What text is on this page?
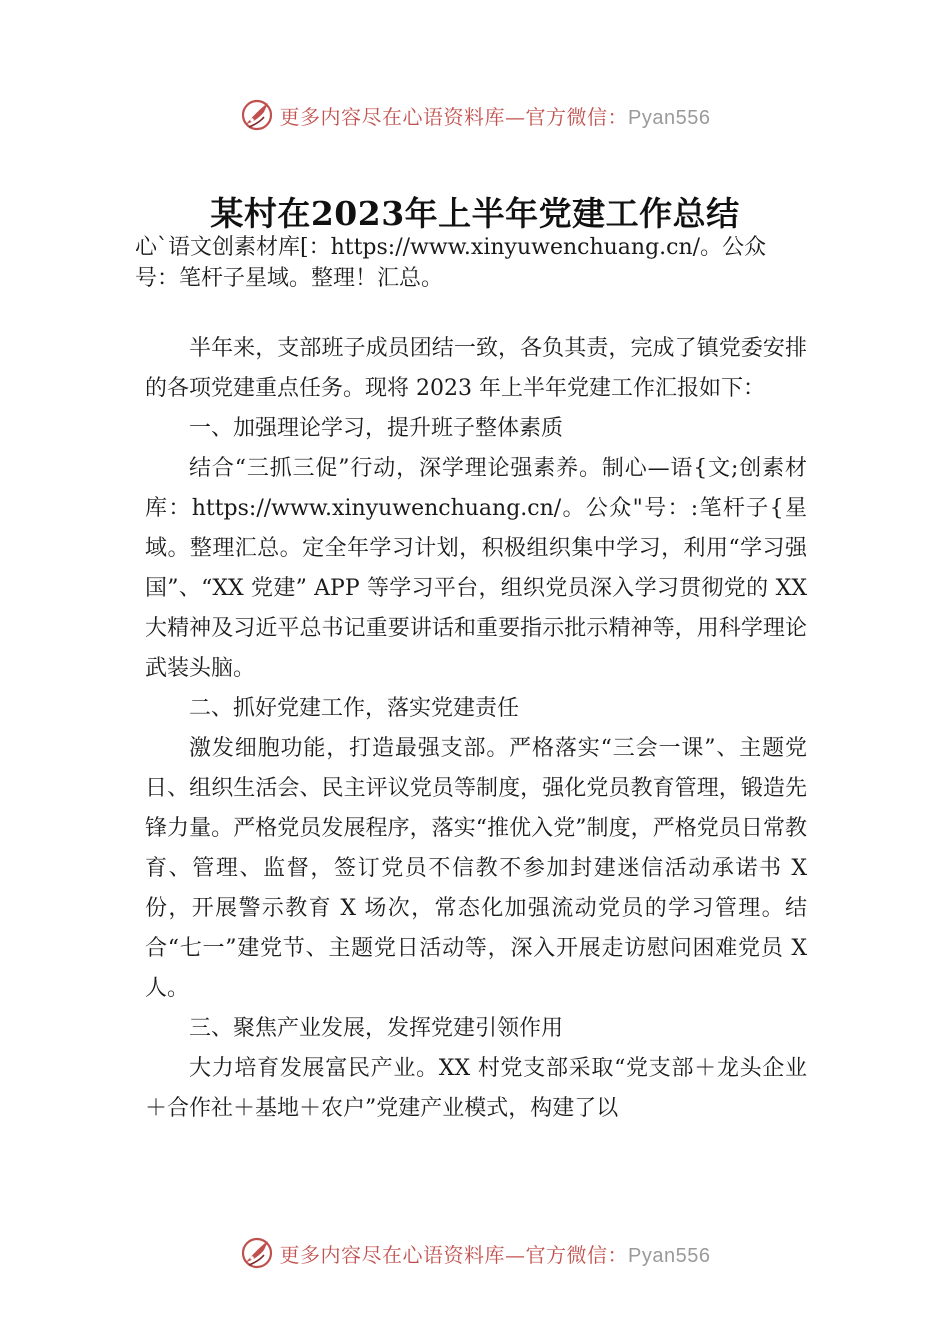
更多内容尽在心语资料库—官方微信：Pyan556
某村在2023年上半年党建工作总结
心`语文创素材库[：https://www.xinyuwenchuang.cn/。公众号：笔杆子星域。整理！汇总。

半年来，支部班子成员团结一致，各负其责，完成了镇党委安排的各项党建重点任务。现将 2023 年上半年党建工作汇报如下：

一、加强理论学习，提升班子整体素质

结合“三抓三促”行动，深学理论强素养。制心—语{文;创素材库：https://www.xinyuwenchuang.cn/。公众"号：:笔杆子{星域。整理汇总。定全年学习计划，积极组织集中学习，利用“学习强国”、“XX 党建” APP 等学习平台，组织党员深入学习贯彻党的 XX 大精神及习近平总书记重要讲话和重要指示批示精神等，用科学理论武装头脑。

二、抓好党建工作，落实党建责任

激发细胞功能，打造最强支部。严格落实“三会一课”、主题党日、组织生活会、民主评议党员等制度，强化党员教育管理，锻造先锋力量。严格党员发展程序，落实“推优入党”制度，严格党员日常教育、管理、监督，签订党员不信教不参加封建迷信活动承诺书 X 份，开展警示教育 X 场次，常态化加强流动党员的学习管理。结合“七一”建党节、主题党日活动等，深入开展走访慰问困难党员 X 人。

三、聚焦产业发展，发挥党建引领作用

大力培育发展富民产业。XX 村党支部采取“党支部＋龙头企业＋合作社＋基地＋农户”党建产业模式，构建了以

更多内容尽在心语资料库—官方微信：Pyan556
